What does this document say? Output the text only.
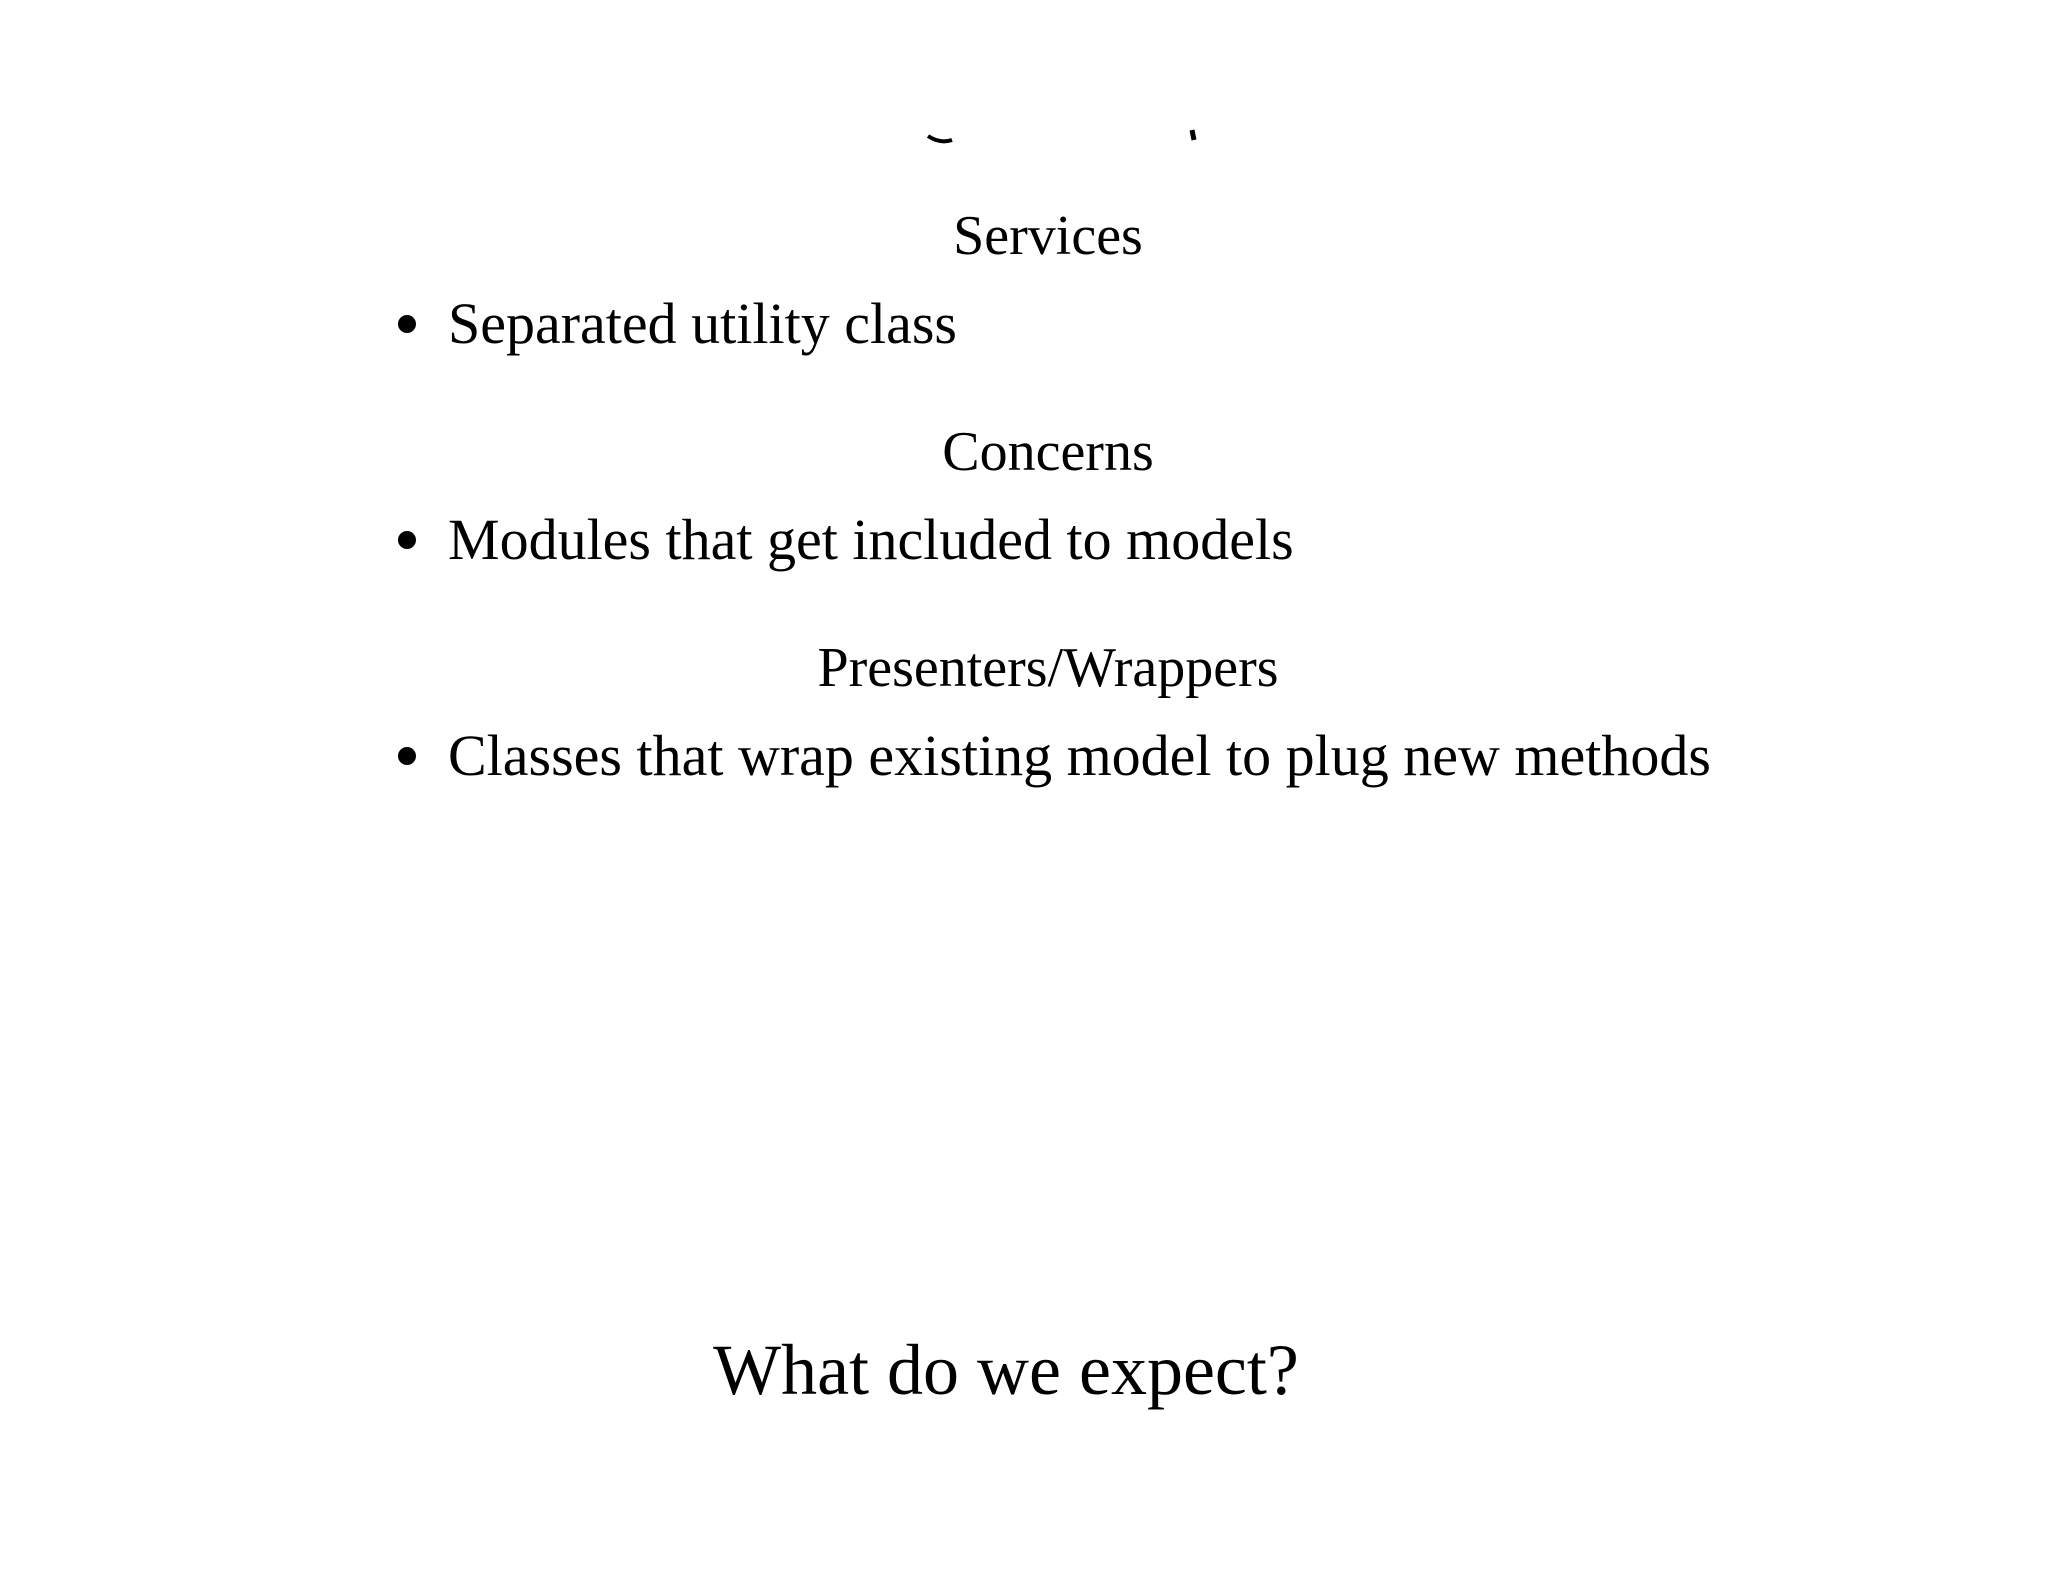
Services
Separated utility class
Concerns
Modules that get included to models
Presenters/Wrappers
Classes that wrap existing model to plug new methods
What do we expect?
